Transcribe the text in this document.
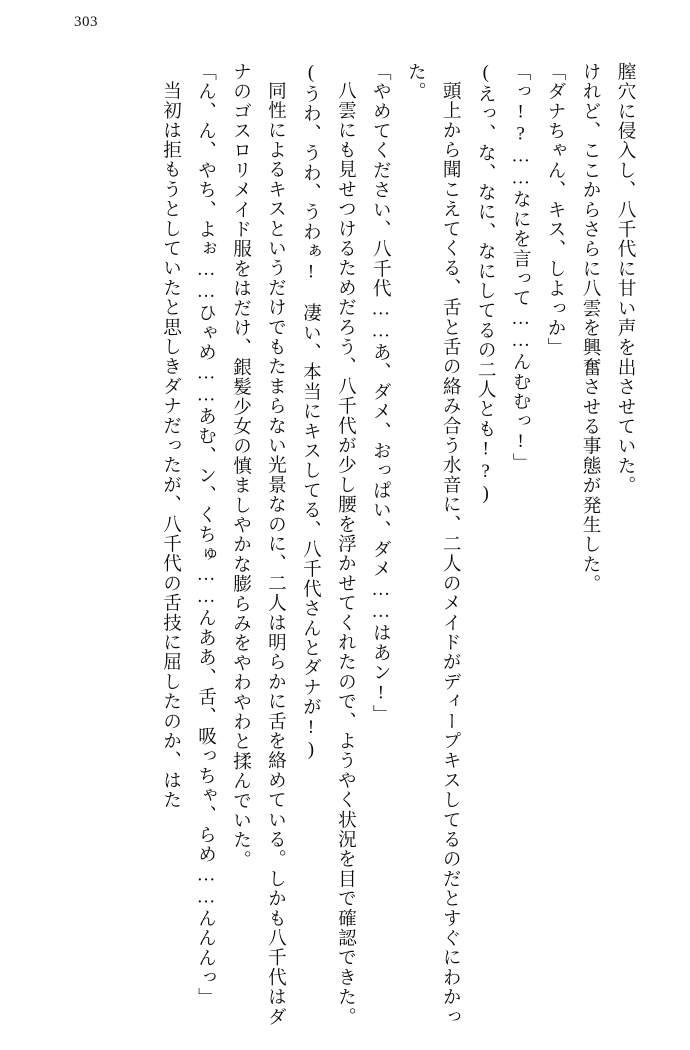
303

膣穴に侵入し、八千代に甘い声を出させていた。

けれど、ここからさらに八雲を興奮させる事態が発生した。

「ダナちゃん、キス、しよっか」

「っ!?……なにを言って……んむむっ!」

(えっ、な、なに、なにしてるの二人とも!?)

頭上から聞こえてくる、舌と舌の絡み合う水音に、二人のメイドがディープキスしてるのだとすぐにわかった。

「やめてください、八千代……あ、ダメ、おっぱい、ダメ……はあン!」

八雲にも見せつけるためだろう、八千代が少し腰を浮かせてくれたので、ようやく状況を目で確認できた。

(うわ、うわ、うわぁ!　凄い、本当にキスしてる、八千代さんとダナが!)

同性によるキスというだけでもたまらない光景なのに、二人は明らかに舌を絡めている。しかも八千代はダナのゴスロリメイド服をはだけ、銀髪少女の慎ましやかな膨らみをやわやわと揉んでいた。

「ん、ん、やち、よぉ……ひゃめ……あむ、ン、くちゅ……んああ、舌、吸っちゃ、らめ……んんんっ」

当初は拒もうとしていたと思しきダナだったが、八千代の舌技に屈したのか、はた
